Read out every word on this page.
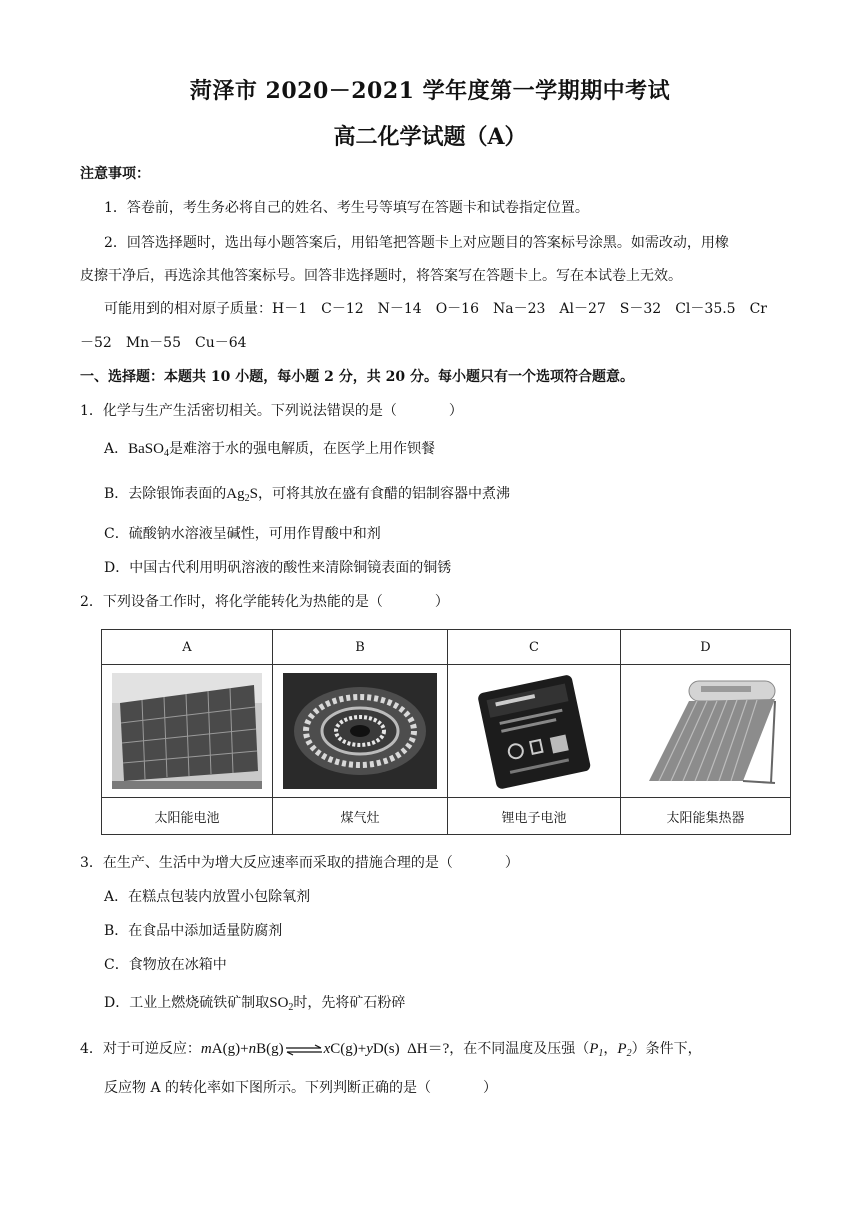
菏泽市 2020－2021 学年度第一学期期中考试
高二化学试题（A）
注意事项：
1．答卷前，考生务必将自己的姓名、考生号等填写在答题卡和试卷指定位置。
2．回答选择题时，选出每小题答案后，用铅笔把答题卡上对应题目的答案标号涂黑。如需改动，用橡
皮擦干净后，再选涂其他答案标号。回答非选择题时，将答案写在答题卡上。写在本试卷上无效。
可能用到的相对原子质量：H－1　C－12　N－14　O－16　Na－23　Al－27　S－32　Cl－35.5　Cr
－52　Mn－55　Cu－64
一、选择题：本题共 10 小题，每小题 2 分，共 20 分。每小题只有一个选项符合题意。
1．化学与生产生活密切相关。下列说法错误的是（	）
A．BaSO$_4$是难溶于水的强电解质，在医学上用作钡餐
B．去除银饰表面的$Ag_2S$，可将其放在盛有食醋的铝制容器中煮沸
C．硫酸钠水溶液呈碱性，可用作胃酸中和剂
D．中国古代利用明矾溶液的酸性来清除铜镜表面的铜锈
2．下列设备工作时，将化学能转化为热能的是（	）
A	B	C	D

太阳能电池	煤气灶	锂电子电池	太阳能集热器
3．在生产、生活中为增大反应速率而采取的措施合理的是（	）
A．在糕点包装内放置小包除氧剂
B．在食品中添加适量防腐剂
C．食物放在冰箱中
D．工业上燃烧硫铁矿制取$SO_2$时，先将矿石粉碎
4．对于可逆反应：mA(g)+nB(g)⇌xC(g)+yD(s) ΔH＝?，在不同温度及压强（$P_1$，$P_2$）条件下，
反应物 A 的转化率如下图所示。下列判断正确的是（	）
